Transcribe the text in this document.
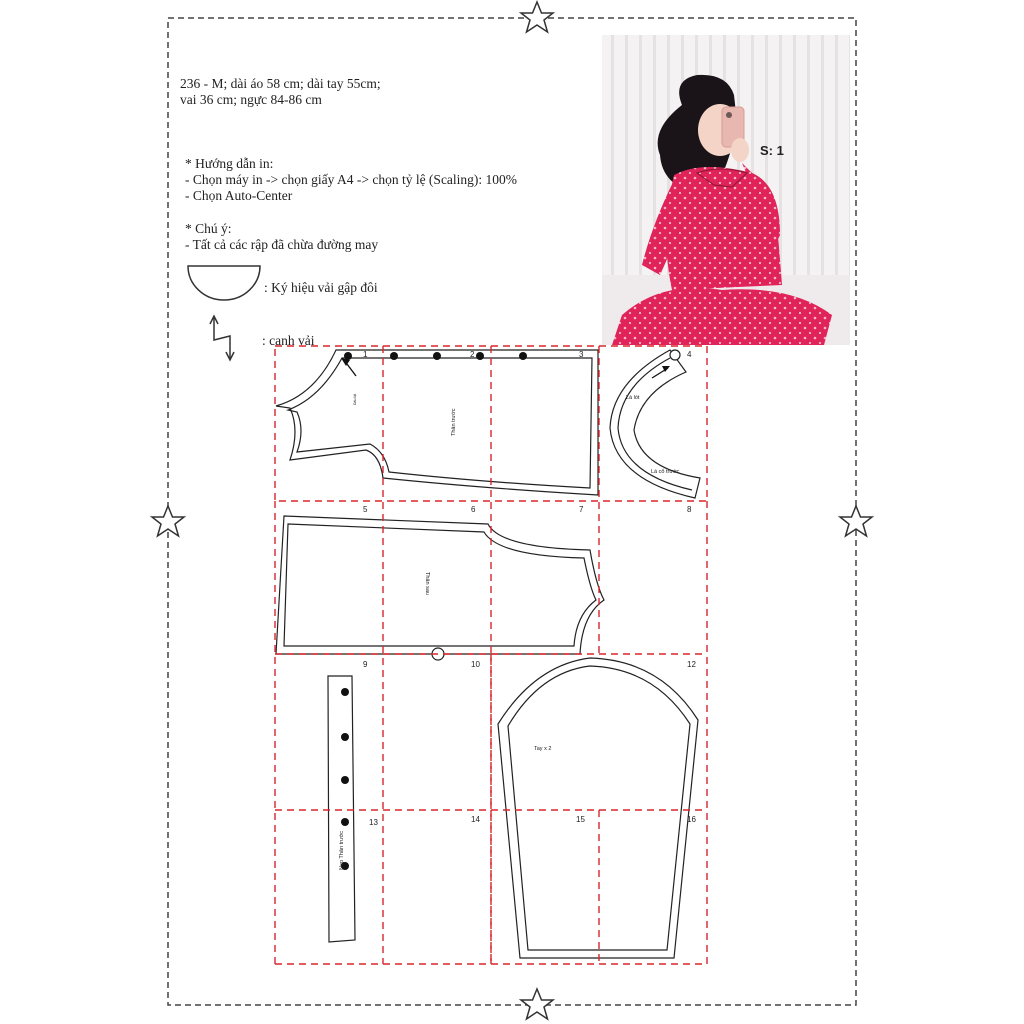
1	2	3	4
5	6	7	8
9	10	12
13	14	15	16
Thân trước
Thân sau
Lá lót
Lá cổ trước
Tay x 2
Nẹp Thân trước
Dấu lật
236 - M; dài áo 58 cm; dài tay 55cm;
vai 36 cm; ngực 84-86 cm
* Hướng dẫn in:
- Chọn máy in -> chọn giấy A4 -> chọn tỷ lệ (Scaling): 100%
- Chọn Auto-Center
* Chú ý:
- Tất cả các rập đã chừa đường may
: Ký hiệu vải gập đôi
: canh vải
S: 1
